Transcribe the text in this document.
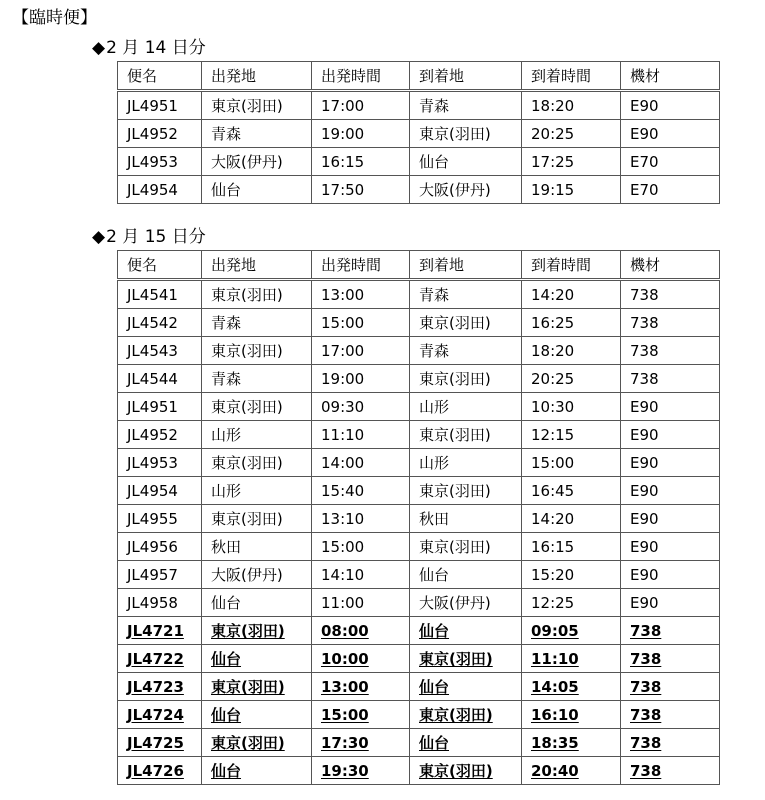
【臨時便】
◆2 月 14 日分
便名	出発地	出発時間	到着地	到着時間	機材
JL4951	東京(羽田)	17:00	青森	18:20	E90
JL4952	青森	19:00	東京(羽田)	20:25	E90
JL4953	大阪(伊丹)	16:15	仙台	17:25	E70
JL4954	仙台	17:50	大阪(伊丹)	19:15	E70
◆2 月 15 日分
便名	出発地	出発時間	到着地	到着時間	機材
JL4541	東京(羽田)	13:00	青森	14:20	738
JL4542	青森	15:00	東京(羽田)	16:25	738
JL4543	東京(羽田)	17:00	青森	18:20	738
JL4544	青森	19:00	東京(羽田)	20:25	738
JL4951	東京(羽田)	09:30	山形	10:30	E90
JL4952	山形	11:10	東京(羽田)	12:15	E90
JL4953	東京(羽田)	14:00	山形	15:00	E90
JL4954	山形	15:40	東京(羽田)	16:45	E90
JL4955	東京(羽田)	13:10	秋田	14:20	E90
JL4956	秋田	15:00	東京(羽田)	16:15	E90
JL4957	大阪(伊丹)	14:10	仙台	15:20	E90
JL4958	仙台	11:00	大阪(伊丹)	12:25	E90
JL4721	東京(羽田)	08:00	仙台	09:05	738
JL4722	仙台	10:00	東京(羽田)	11:10	738
JL4723	東京(羽田)	13:00	仙台	14:05	738
JL4724	仙台	15:00	東京(羽田)	16:10	738
JL4725	東京(羽田)	17:30	仙台	18:35	738
JL4726	仙台	19:30	東京(羽田)	20:40	738
